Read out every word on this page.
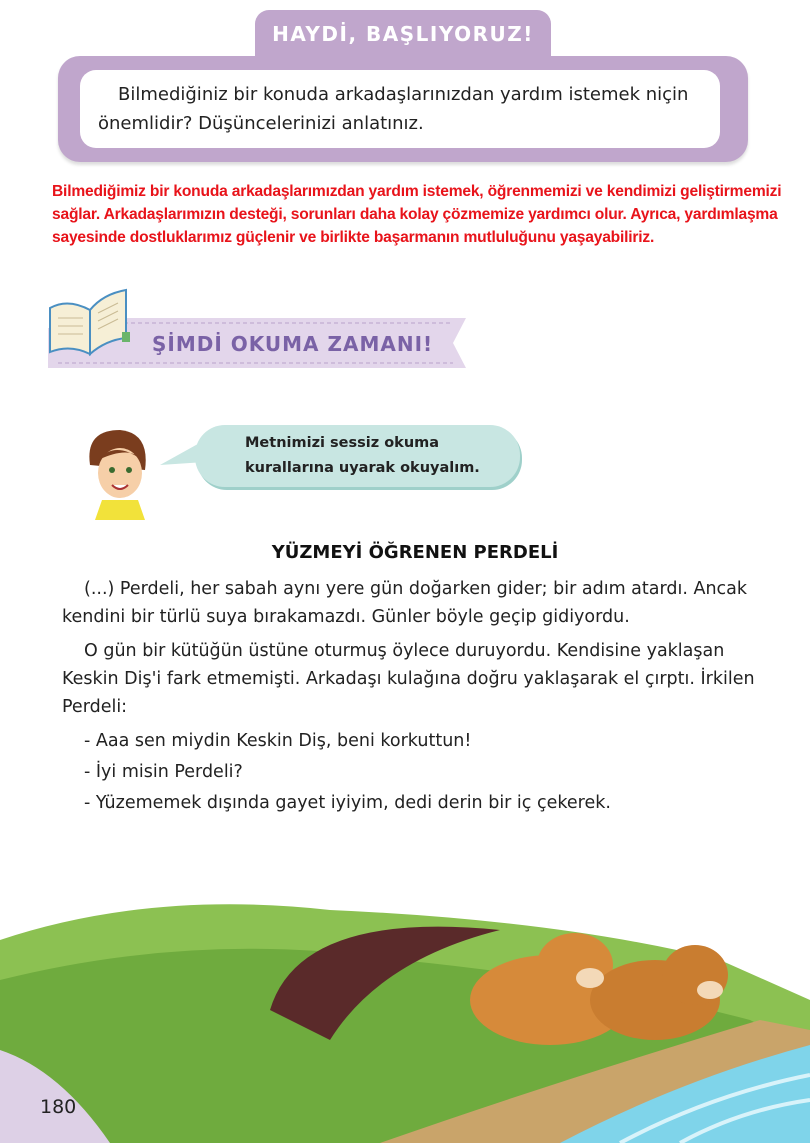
HAYDİ, BAŞLIYORUZ!
Bilmediğiniz bir konuda arkadaşlarınızdan yardım istemek niçin önemlidir? Düşüncelerinizi anlatınız.
Bilmediğimiz bir konuda arkadaşlarımızdan yardım istemek, öğrenmemizi ve kendimizi geliştirmemizi sağlar. Arkadaşlarımızın desteği, sorunları daha kolay çözmemize yardımcı olur. Ayrıca, yardımlaşma sayesinde dostluklarımız güçlenir ve birlikte başarmanın mutluluğunu yaşayabiliriz.
ŞİMDİ OKUMA ZAMANI!
Metnimizi sessiz okuma kurallarına uyarak okuyalım.
YÜZMEYİ ÖĞRENEN PERDELİ

(...) Perdeli, her sabah aynı yere gün doğarken gider; bir adım atardı. Ancak kendini bir türlü suya bırakamazdı. Günler böyle geçip gidiyordu.

O gün bir kütüğün üstüne oturmuş öylece duruyordu. Kendisine yaklaşan Keskin Diş'i fark etmemişti. Arkadaşı kulağına doğru yaklaşarak el çırptı. İrkilen Perdeli:

- Aaa sen miydin Keskin Diş, beni korkuttun!

- İyi misin Perdeli?

- Yüzememek dışında gayet iyiyim, dedi derin bir iç çekerek.

180
